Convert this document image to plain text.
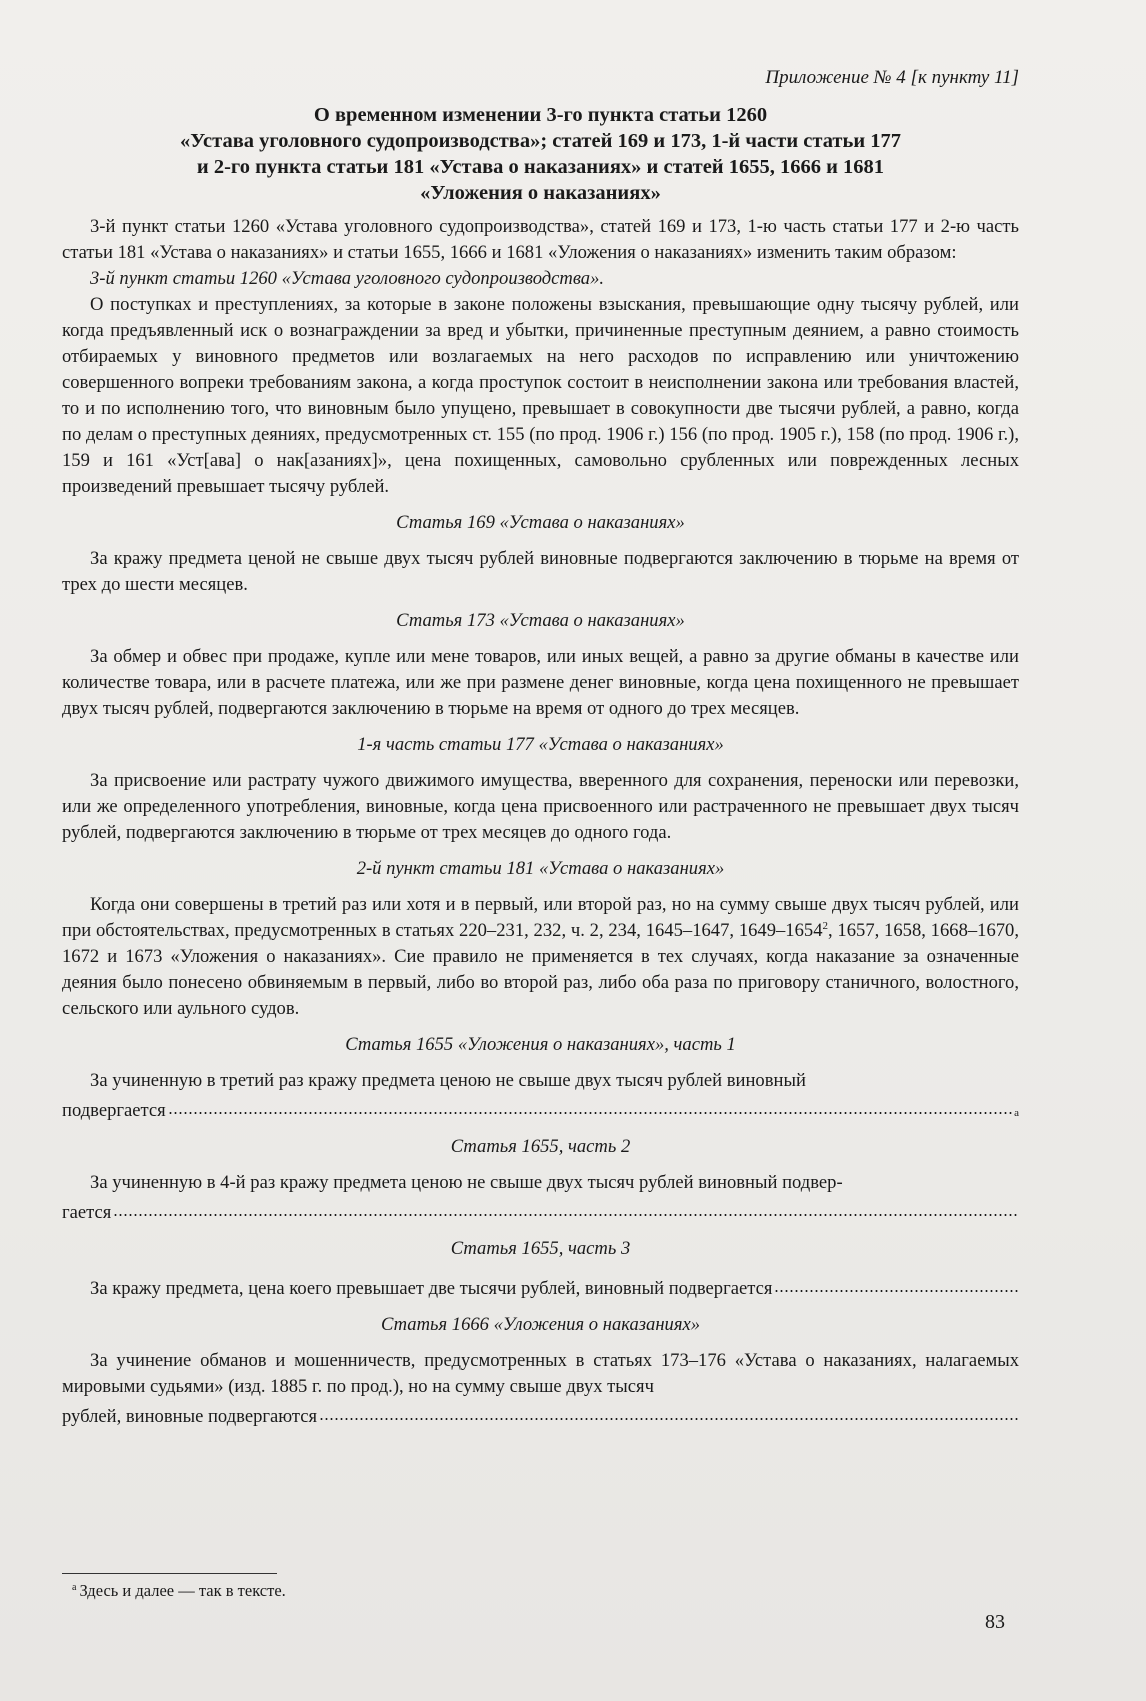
Приложение № 4 [к пункту 11]
О временном изменении 3-го пункта статьи 1260
«Устава уголовного судопроизводства»; статей 169 и 173, 1-й части статьи 177
и 2-го пункта статьи 181 «Устава о наказаниях» и статей 1655, 1666 и 1681
«Уложения о наказаниях»

3-й пункт статьи 1260 «Устава уголовного судопроизводства», статей 169 и 173, 1-ю часть статьи 177 и 2-ю часть статьи 181 «Устава о наказаниях» и статьи 1655, 1666 и 1681 «Уложения о наказаниях» изменить таким образом:

3-й пункт статьи 1260 «Устава уголовного судопроизводства».

О поступках и преступлениях, за которые в законе положены взыскания, превышающие одну тысячу рублей, или когда предъявленный иск о вознаграждении за вред и убытки, причиненные преступным деянием, а равно стоимость отбираемых у виновного предметов или возлагаемых на него расходов по исправлению или уничтожению совершенного вопреки требованиям закона, а когда проступок состоит в неисполнении закона или требования властей, то и по исполнению того, что виновным было упущено, превышает в совокупности две тысячи рублей, а равно, когда по делам о преступных деяниях, предусмотренных ст. 155 (по прод. 1906 г.) 156 (по прод. 1905 г.), 158 (по прод. 1906 г.), 159 и 161 «Уст[ава] о нак[азаниях]», цена похищенных, самовольно срубленных или поврежденных лесных произведений превышает тысячу рублей.

Статья 169 «Устава о наказаниях»

За кражу предмета ценой не свыше двух тысяч рублей виновные подвергаются заключению в тюрьме на время от трех до шести месяцев.

Статья 173 «Устава о наказаниях»

За обмер и обвес при продаже, купле или мене товаров, или иных вещей, а равно за другие обманы в качестве или количестве товара, или в расчете платежа, или же при размене денег виновные, когда цена похищенного не превышает двух тысяч рублей, подвергаются заключению в тюрьме на время от одного до трех месяцев.

1-я часть статьи 177 «Устава о наказаниях»

За присвоение или растрату чужого движимого имущества, вверенного для сохранения, переноски или перевозки, или же определенного употребления, виновные, когда цена присвоенного или растраченного не превышает двух тысяч рублей, подвергаются заключению в тюрьме от трех месяцев до одного года.

2-й пункт статьи 181 «Устава о наказаниях»

Когда они совершены в третий раз или хотя и в первый, или второй раз, но на сумму свыше двух тысяч рублей, или при обстоятельствах, предусмотренных в статьях 220–231, 232, ч. 2, 234, 1645–1647, 1649–1654$^2$, 1657, 1658, 1668–1670, 1672 и 1673 «Уложения о наказаниях». Сие правило не применяется в тех случаях, когда наказание за означенные деяния было понесено обвиняемым в первый, либо во второй раз, либо оба раза по приговору станичного, волостного, сельского или аульного судов.

Статья 1655 «Уложения о наказаниях», часть 1

За учиненную в третий раз кражу предмета ценою не свыше двух тысяч рублей виновный

подвергается	а
Статья 1655, часть 2

За учиненную в 4-й раз кражу предмета ценою не свыше двух тысяч рублей виновный подвер-

гается
Статья 1655, часть 3
За кражу предмета, цена коего превышает две тысячи рублей, виновный подвергается
Статья 1666 «Уложения о наказаниях»

За учинение обманов и мошенничеств, предусмотренных в статьях 173–176 «Устава о наказаниях, налагаемых мировыми судьями» (изд. 1885 г. по прод.), но на сумму свыше двух тысяч

рублей, виновные подвергаются
$^а$ Здесь и далее — так в тексте.
83
